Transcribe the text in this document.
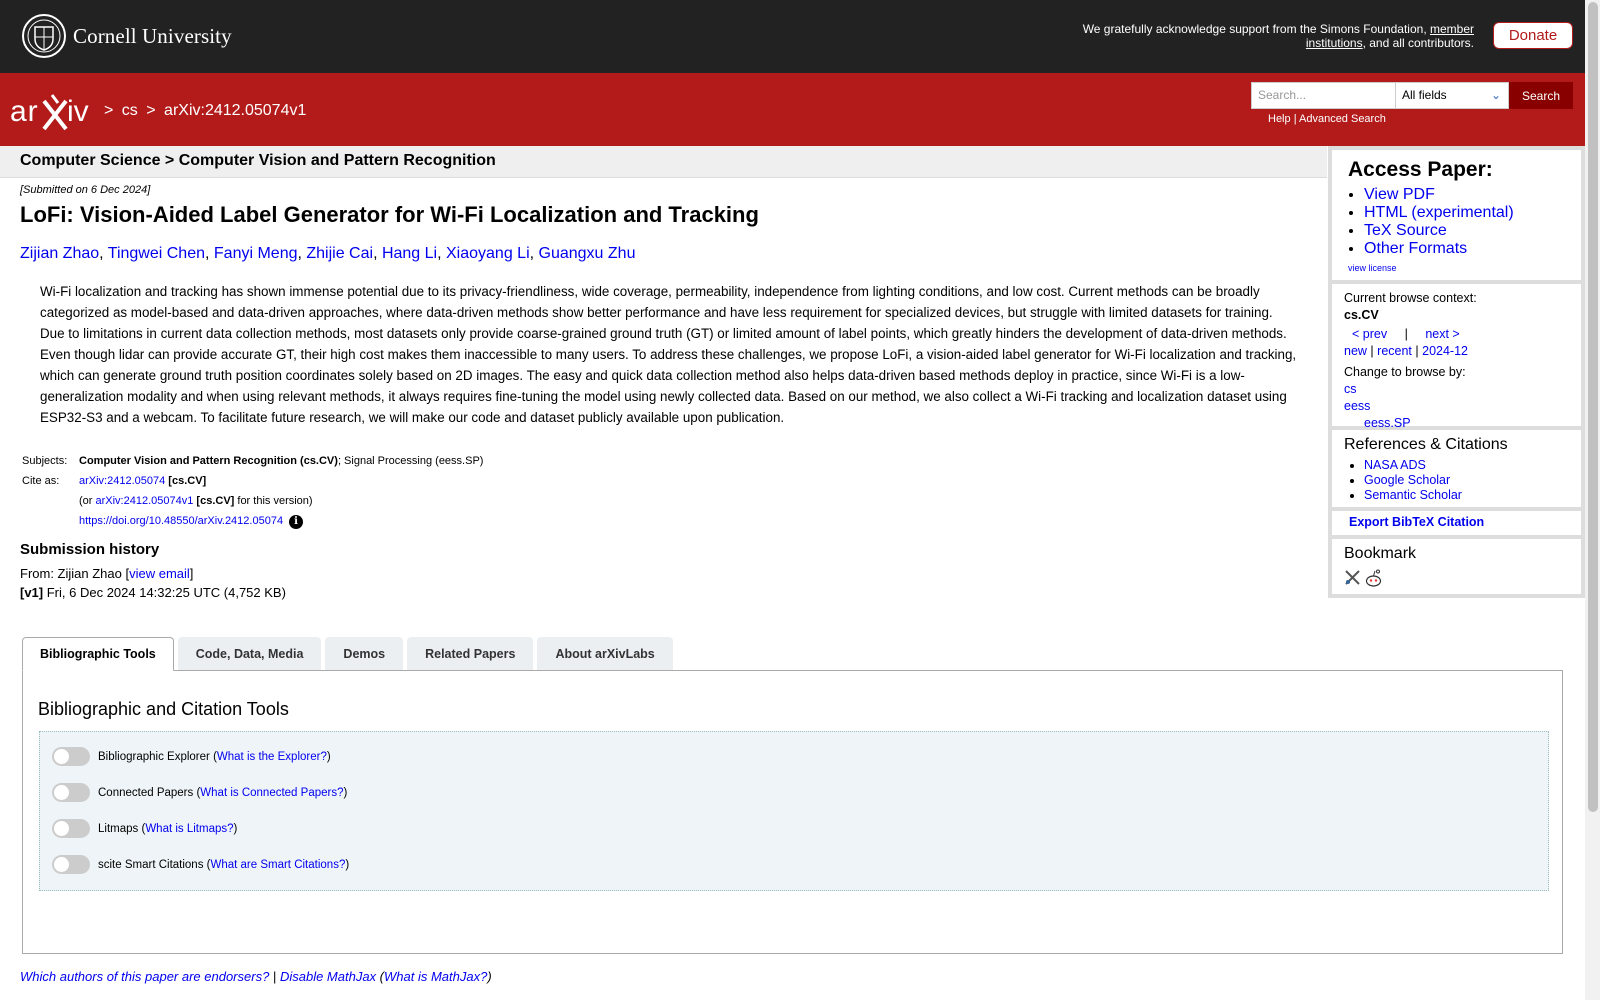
Cornell University	We gratefully acknowledge support from the Simons Foundation, member institutions, and all contributors.	Donate
ar iv > cs > arXiv:2412.05074v1
Search...	All fields	⌄	Search
Help | Advanced Search
Computer Science > Computer Vision and Pattern Recognition
[Submitted on 6 Dec 2024]
LoFi: Vision-Aided Label Generator for Wi-Fi Localization and Tracking
Zijian Zhao, Tingwei Chen, Fanyi Meng, Zhijie Cai, Hang Li, Xiaoyang Li, Guangxu Zhu

Wi-Fi localization and tracking has shown immense potential due to its privacy-friendliness, wide coverage, permeability, independence from lighting conditions, and low cost. Current methods can be broadly categorized as model-based and data-driven approaches, where data-driven methods show better performance and have less requirement for specialized devices, but struggle with limited datasets for training. Due to limitations in current data collection methods, most datasets only provide coarse-grained ground truth (GT) or limited amount of label points, which greatly hinders the development of data-driven methods. Even though lidar can provide accurate GT, their high cost makes them inaccessible to many users. To address these challenges, we propose LoFi, a vision-aided label generator for Wi-Fi localization and tracking, which can generate ground truth position coordinates solely based on 2D images. The easy and quick data collection method also helps data-driven based methods deploy in practice, since Wi-Fi is a low-generalization modality and when using relevant methods, it always requires fine-tuning the model using newly collected data. Based on our method, we also collect a Wi-Fi tracking and localization dataset using ESP32-S3 and a webcam. To facilitate future research, we will make our code and dataset publicly available upon publication.

Subjects:	Computer Vision and Pattern Recognition (cs.CV); Signal Processing (eess.SP)
Cite as:	arXiv:2412.05074 [cs.CV]
	(or arXiv:2412.05074v1 [cs.CV] for this version)
	https://doi.org/10.48550/arXiv.2412.05074 i
Submission history
From: Zijian Zhao [view email]
[v1] Fri, 6 Dec 2024 14:32:25 UTC (4,752 KB)
Access Paper:
• View PDF
• HTML (experimental)
• TeX Source
• Other Formats
view license
Current browse context:
cs.CV
< prev | next >
new | recent | 2024-12
Change to browse by:
cs
eess
eess.SP
References & Citations
• NASA ADS
• Google Scholar
• Semantic Scholar
Export BibTeX Citation
Bookmark
Bibliographic Tools	Code, Data, Media	Demos	Related Papers	About arXivLabs
Bibliographic and Citation Tools
Bibliographic Explorer ( What is the Explorer? )
Connected Papers ( What is Connected Papers? )
Litmaps ( What is Litmaps? )
scite Smart Citations ( What are Smart Citations? )
Which authors of this paper are endorsers? | Disable MathJax (What is MathJax?)
